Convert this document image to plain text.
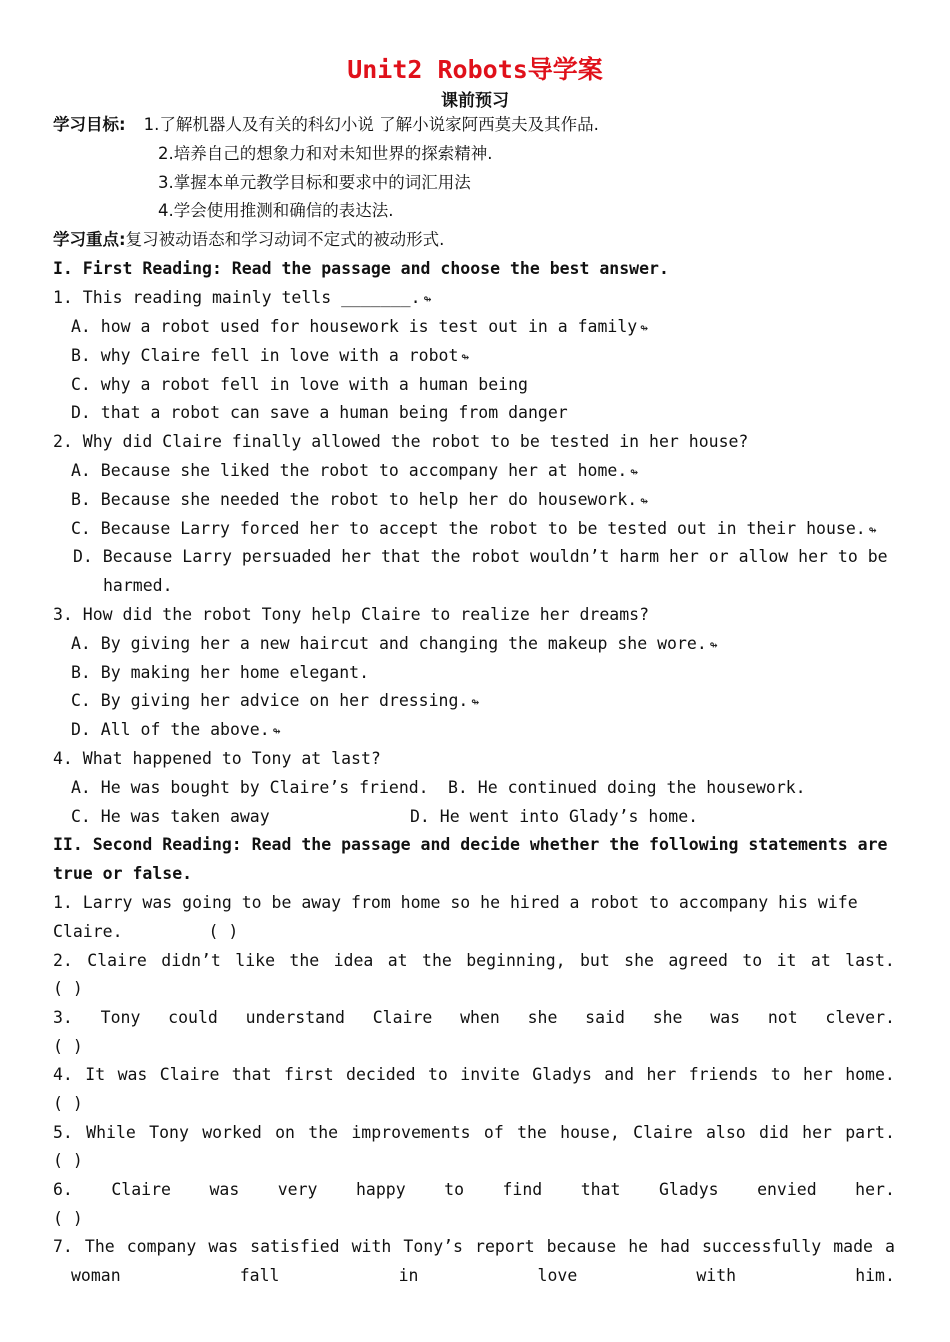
Unit2 Robots导学案
课前预习
学习目标: 1.了解机器人及有关的科幻小说 了解小说家阿西莫夫及其作品.
2.培养自己的想象力和对未知世界的探索精神.
3.掌握本单元教学目标和要求中的词汇用法
4.学会使用推测和确信的表达法.
学习重点:复习被动语态和学习动词不定式的被动形式.
I. First Reading: Read the passage and choose the best answer.
1. This reading mainly tells _______. ↬
A. how a robot used for housework is test out in a family ↬
B. why Claire fell in love with a robot ↬
C. why a robot fell in love with a human being
D. that a robot can save a human being from danger
2. Why did Claire finally allowed the robot to be tested in her house?
A. Because she liked the robot to accompany her at home. ↬
B. Because she needed the robot to help her do housework. ↬
C. Because Larry forced her to accept the robot to be tested out in their house. ↬
D. Because Larry persuaded her that the robot wouldn’t harm her or allow her to be
harmed.
3. How did the robot Tony help Claire to realize her dreams?
A. By giving her a new haircut and changing the makeup she wore. ↬
B. By making her home elegant.
C. By giving her advice on her dressing. ↬
D. All of the above. ↬
4. What happened to Tony at last?
A. He was bought by Claire’s friend. B. He continued doing the housework.
C. He was taken away	D. He went into Glady’s home.
II. Second Reading: Read the passage and decide whether the following statements are
true or false.
1. Larry was going to be away from home so he hired a robot to accompany his wife
Claire.	( )
2. Claire didn’t like the idea at the beginning, but she agreed to it at last.
( )
3. Tony could understand Claire when she said she was not clever.
( )
4. It was Claire that first decided to invite Gladys and her friends to her home.
( )
5. While Tony worked on the improvements of the house, Claire also did her part.
( )
6. Claire was very happy to find that Gladys envied her.
( )
7. The company was satisfied with Tony’s report because he had successfully made a
woman	fall	in	love	with	him.
